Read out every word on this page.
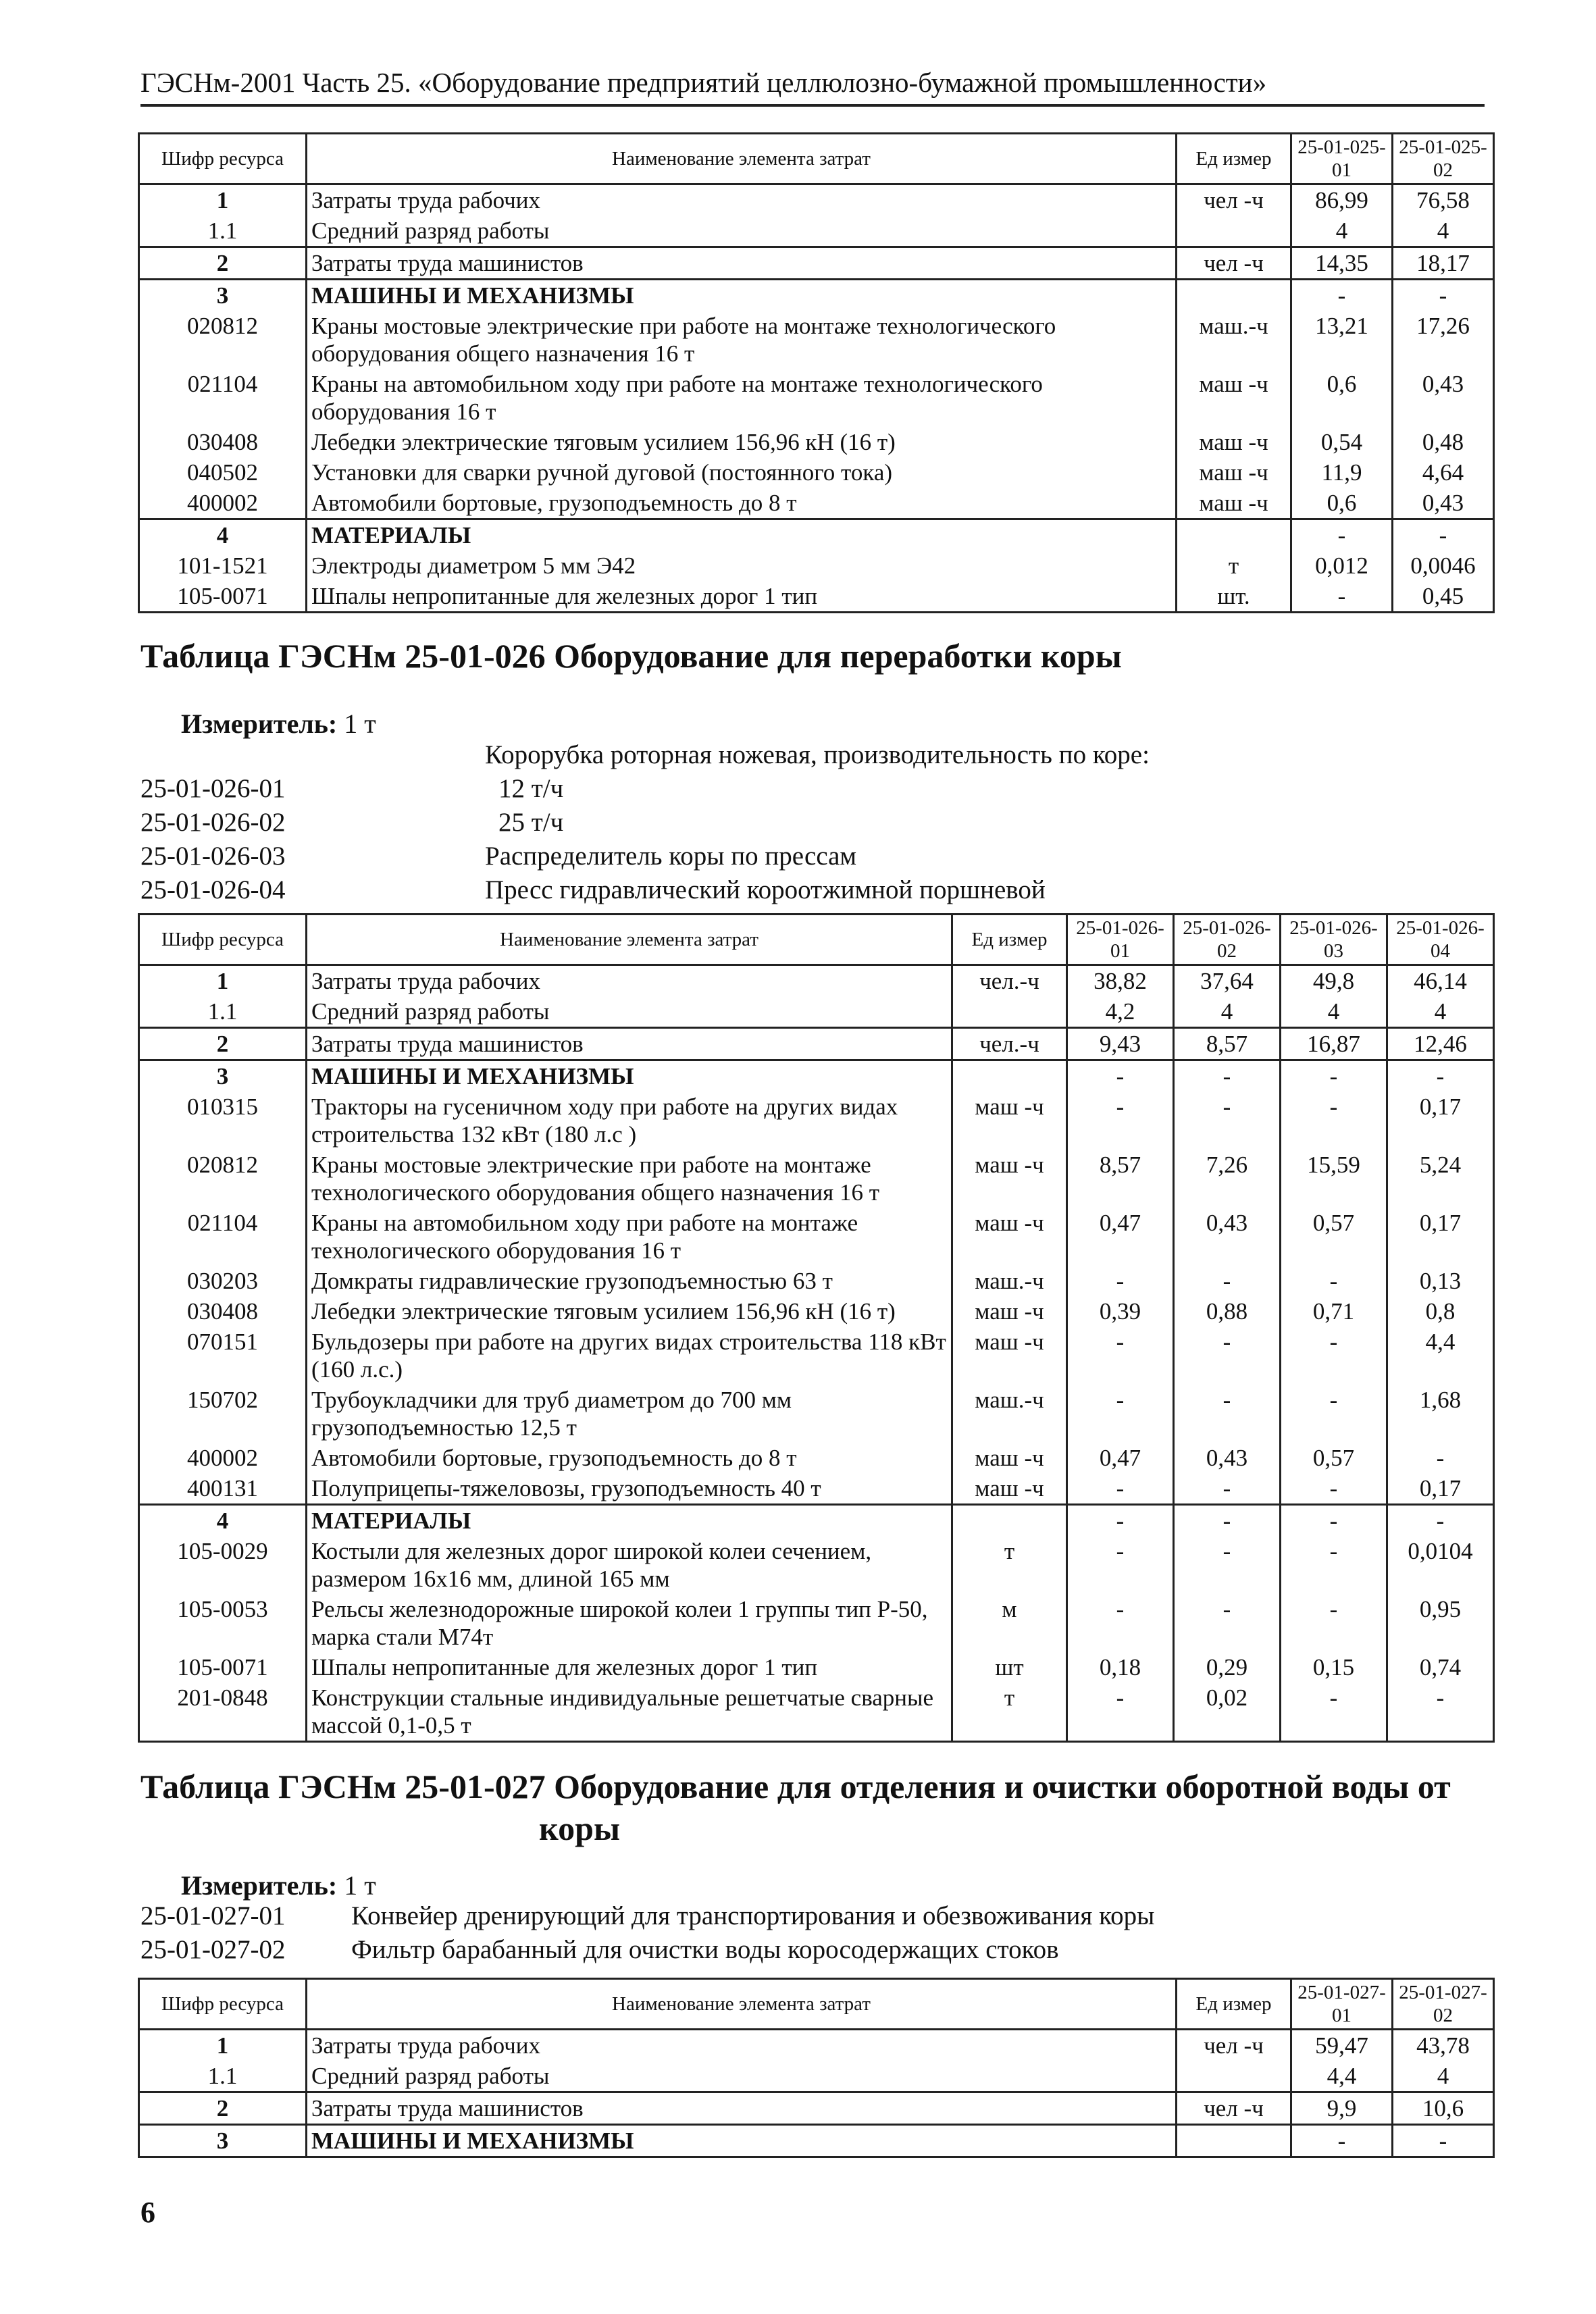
ГЭСНм-2001 Часть 25. «Оборудование предприятий целлюлозно-бумажной промышленности»
Шифр ресурса	Наименование элемента затрат	Ед измер	25-01-025-01	25-01-025-02
1	Затраты труда рабочих	чел -ч	86,99	76,58
1.1	Средний разряд работы		4	4
2	Затраты труда машинистов	чел -ч	14,35	18,17
3	МАШИНЫ И МЕХАНИЗМЫ		-	-
020812	Краны мостовые электрические при работе на монтаже технологического оборудования общего назначения 16 т	маш.-ч	13,21	17,26
021104	Краны на автомобильном ходу при работе на монтаже технологического оборудования 16 т	маш -ч	0,6	0,43
030408	Лебедки электрические тяговым усилием 156,96 кН (16 т)	маш -ч	0,54	0,48
040502	Установки для сварки ручной дуговой (постоянного тока)	маш -ч	11,9	4,64
400002	Автомобили бортовые, грузоподъемность до 8 т	маш -ч	0,6	0,43
4	МАТЕРИАЛЫ		-	-
101-1521	Электроды диаметром 5 мм Э42	т	0,012	0,0046
105-0071	Шпалы непропитанные для железных дорог 1 тип	шт.	-	0,45
Таблица ГЭСНм 25-01-026 Оборудование для переработки коры
Измеритель: 1 т
Корорубка роторная ножевая, производительность по коре:
25-01-026-01	12 т/ч
25-01-026-02	25 т/ч
25-01-026-03	Распределитель коры по прессам
25-01-026-04	Пресс гидравлический короотжимной поршневой
Шифр ресурса	Наименование элемента затрат	Ед измер	25-01-026-01	25-01-026-02	25-01-026-03	25-01-026-04
1	Затраты труда рабочих	чел.-ч	38,82	37,64	49,8	46,14
1.1	Средний разряд работы		4,2	4	4	4
2	Затраты труда машинистов	чел.-ч	9,43	8,57	16,87	12,46
3	МАШИНЫ И МЕХАНИЗМЫ		-	-	-	-
010315	Тракторы на гусеничном ходу при работе на других видах строительства 132 кВт (180 л.с )	маш -ч	-	-	-	0,17
020812	Краны мостовые электрические при работе на монтаже технологического оборудования общего назначения 16 т	маш -ч	8,57	7,26	15,59	5,24
021104	Краны на автомобильном ходу при работе на монтаже технологического оборудования 16 т	маш -ч	0,47	0,43	0,57	0,17
030203	Домкраты гидравлические грузоподъемностью 63 т	маш.-ч	-	-	-	0,13
030408	Лебедки электрические тяговым усилием 156,96 кН (16 т)	маш -ч	0,39	0,88	0,71	0,8
070151	Бульдозеры при работе на других видах строительства 118 кВт (160 л.с.)	маш -ч	-	-	-	4,4
150702	Трубоукладчики для труб диаметром до 700 мм грузоподъемностью 12,5 т	маш.-ч	-	-	-	1,68
400002	Автомобили бортовые, грузоподъемность до 8 т	маш -ч	0,47	0,43	0,57	-
400131	Полуприцепы-тяжеловозы, грузоподъемность 40 т	маш -ч	-	-	-	0,17
4	МАТЕРИАЛЫ		-	-	-	-
105-0029	Костыли для железных дорог широкой колеи сечением, размером 16x16 мм, длиной 165 мм	т	-	-	-	0,0104
105-0053	Рельсы железнодорожные широкой колеи 1 группы тип Р-50, марка стали М74т	м	-	-	-	0,95
105-0071	Шпалы непропитанные для железных дорог 1 тип	шт	0,18	0,29	0,15	0,74
201-0848	Конструкции стальные индивидуальные решетчатые сварные массой 0,1-0,5 т	т	-	0,02	-	-
Таблица ГЭСНм 25-01-027 Оборудование для отделения и очистки оборотной воды от
коры
Измеритель: 1 т
25-01-027-01	Конвейер дренирующий для транспортирования и обезвоживания коры
25-01-027-02	Фильтр барабанный для очистки воды коросодержащих стоков
Шифр ресурса	Наименование элемента затрат	Ед измер	25-01-027-01	25-01-027-02
1	Затраты труда рабочих	чел -ч	59,47	43,78
1.1	Средний разряд работы		4,4	4
2	Затраты труда машинистов	чел -ч	9,9	10,6
3	МАШИНЫ И МЕХАНИЗМЫ		-	-
6
